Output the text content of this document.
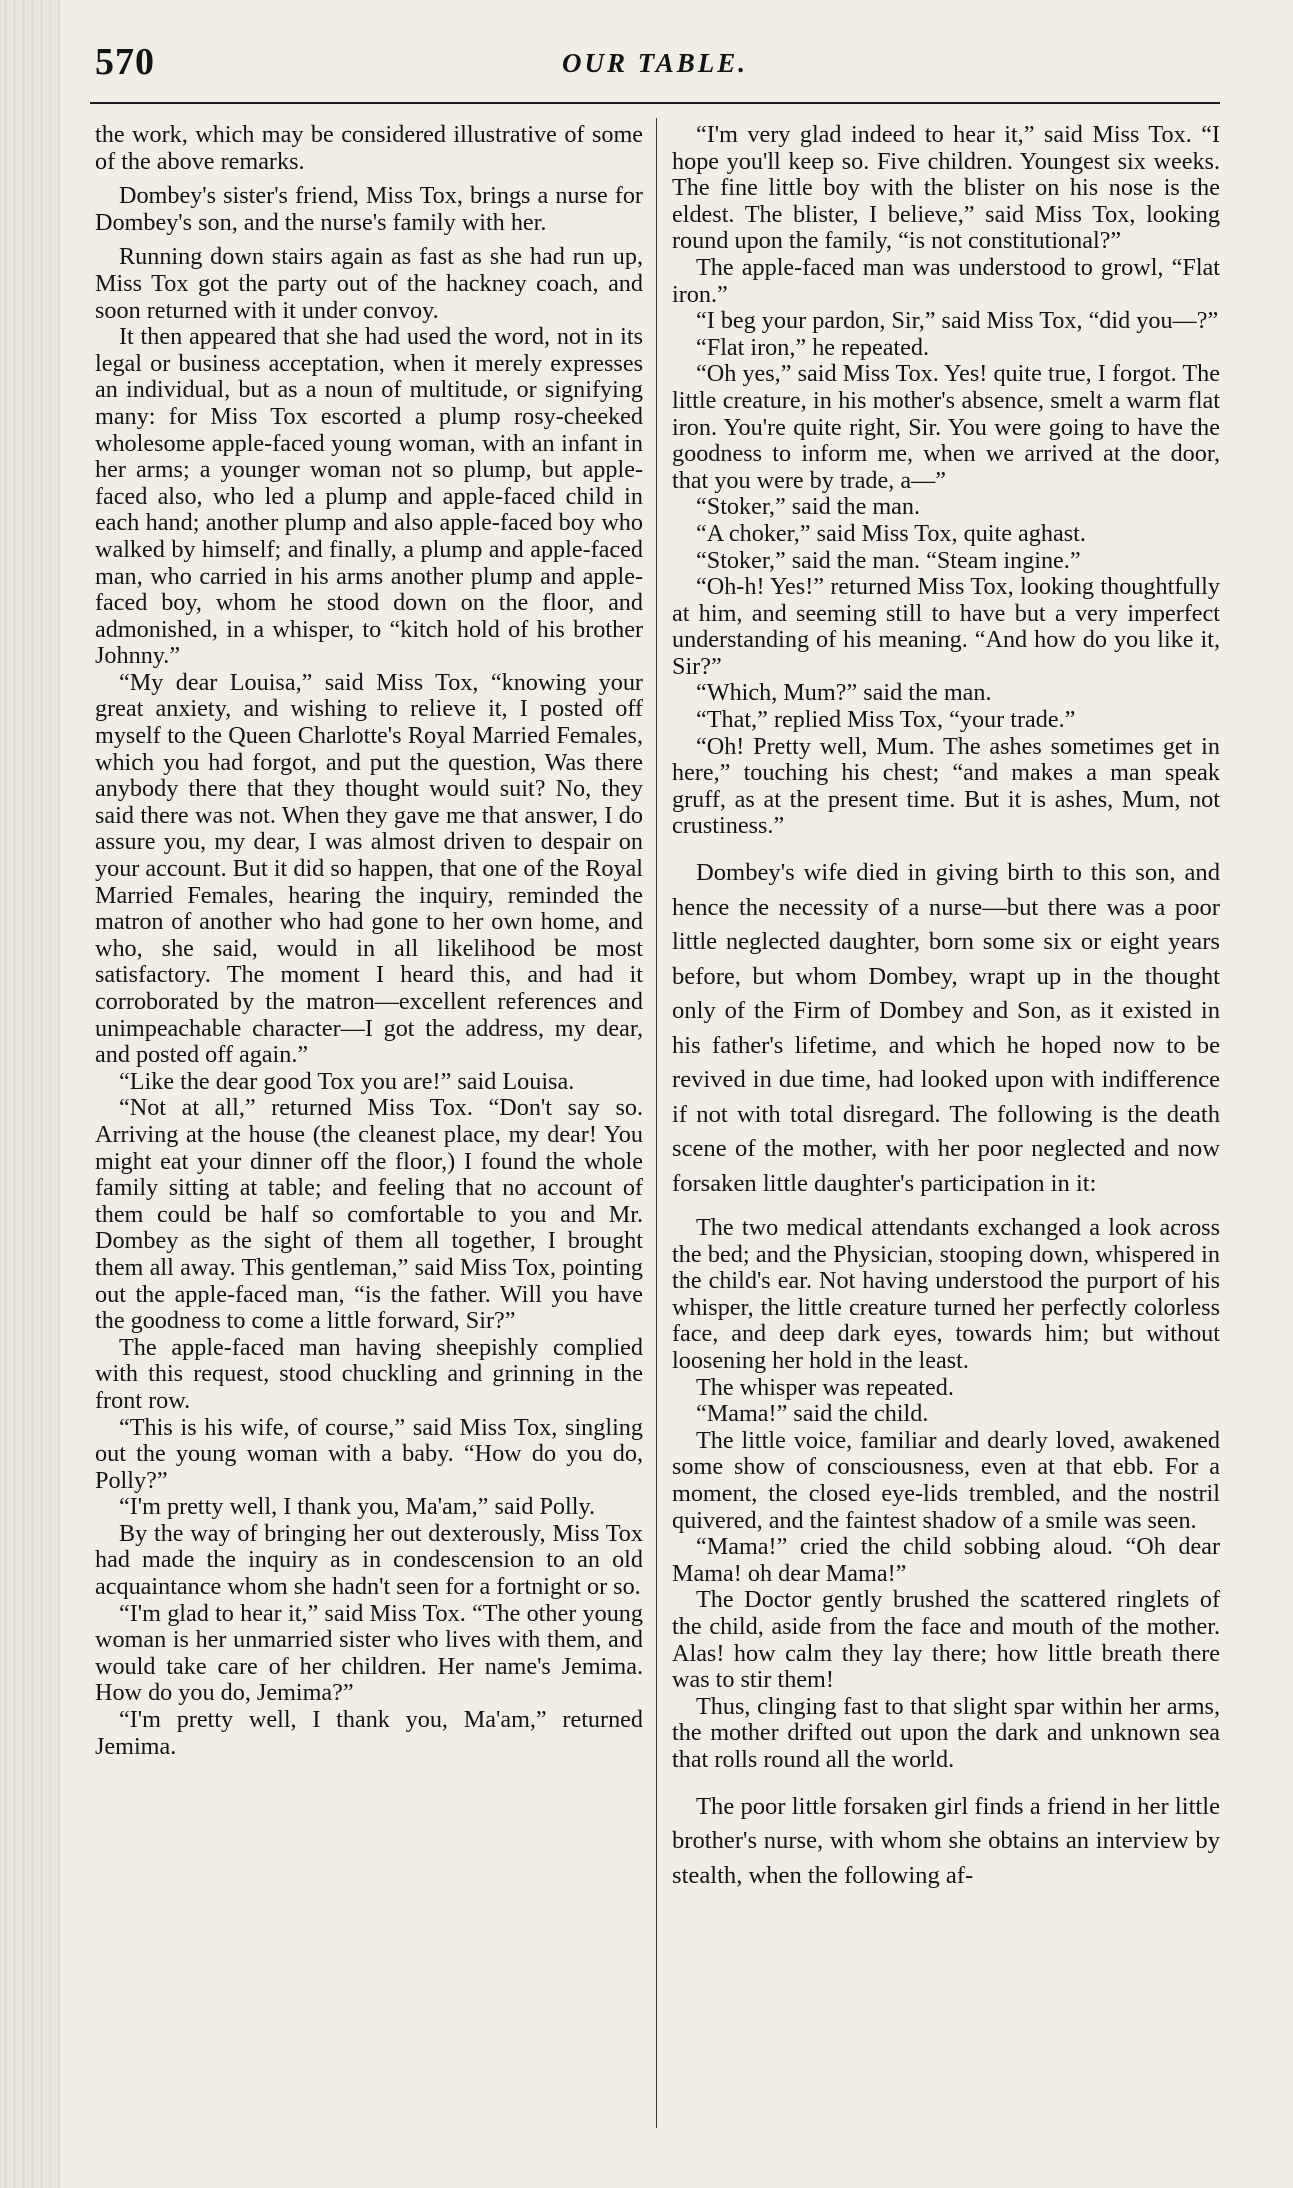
570	OUR TABLE.

the work, which may be considered illustrative of some of the above remarks.

Dombey's sister's friend, Miss Tox, brings a nurse for Dombey's son, and the nurse's family with her.

Running down stairs again as fast as she had run up, Miss Tox got the party out of the hackney coach, and soon returned with it under convoy.

It then appeared that she had used the word, not in its legal or business acceptation, when it merely expresses an individual, but as a noun of multitude, or signifying many: for Miss Tox escorted a plump rosy-cheeked wholesome apple-faced young woman, with an infant in her arms; a younger woman not so plump, but apple-faced also, who led a plump and apple-faced child in each hand; another plump and also apple-faced boy who walked by himself; and finally, a plump and apple-faced man, who carried in his arms another plump and apple-faced boy, whom he stood down on the floor, and admonished, in a whisper, to “kitch hold of his brother Johnny.”

“My dear Louisa,” said Miss Tox, “knowing your great anxiety, and wishing to relieve it, I posted off myself to the Queen Charlotte's Royal Married Females, which you had forgot, and put the question, Was there anybody there that they thought would suit? No, they said there was not. When they gave me that answer, I do assure you, my dear, I was almost driven to despair on your account. But it did so happen, that one of the Royal Married Females, hearing the inquiry, reminded the matron of another who had gone to her own home, and who, she said, would in all likelihood be most satisfactory. The moment I heard this, and had it corroborated by the matron—excellent references and unimpeachable character—I got the address, my dear, and posted off again.”

“Like the dear good Tox you are!” said Louisa.

“Not at all,” returned Miss Tox. “Don't say so. Arriving at the house (the cleanest place, my dear! You might eat your dinner off the floor,) I found the whole family sitting at table; and feeling that no account of them could be half so comfortable to you and Mr. Dombey as the sight of them all together, I brought them all away. This gentleman,” said Miss Tox, pointing out the apple-faced man, “is the father. Will you have the goodness to come a little forward, Sir?”

The apple-faced man having sheepishly complied with this request, stood chuckling and grinning in the front row.

“This is his wife, of course,” said Miss Tox, singling out the young woman with a baby. “How do you do, Polly?”

“I'm pretty well, I thank you, Ma'am,” said Polly.

By the way of bringing her out dexterously, Miss Tox had made the inquiry as in condescension to an old acquaintance whom she hadn't seen for a fortnight or so.

“I'm glad to hear it,” said Miss Tox. “The other young woman is her unmarried sister who lives with them, and would take care of her children. Her name's Jemima. How do you do, Jemima?”

“I'm pretty well, I thank you, Ma'am,” returned Jemima.

“I'm very glad indeed to hear it,” said Miss Tox. “I hope you'll keep so. Five children. Youngest six weeks. The fine little boy with the blister on his nose is the eldest. The blister, I believe,” said Miss Tox, looking round upon the family, “is not constitutional?”

The apple-faced man was understood to growl, “Flat iron.”

“I beg your pardon, Sir,” said Miss Tox, “did you—?”

“Flat iron,” he repeated.

“Oh yes,” said Miss Tox. Yes! quite true, I forgot. The little creature, in his mother's absence, smelt a warm flat iron. You're quite right, Sir. You were going to have the goodness to inform me, when we arrived at the door, that you were by trade, a—”

“Stoker,” said the man.

“A choker,” said Miss Tox, quite aghast.

“Stoker,” said the man. “Steam ingine.”

“Oh-h! Yes!” returned Miss Tox, looking thoughtfully at him, and seeming still to have but a very imperfect understanding of his meaning. “And how do you like it, Sir?”

“Which, Mum?” said the man.

“That,” replied Miss Tox, “your trade.”

“Oh! Pretty well, Mum. The ashes sometimes get in here,” touching his chest; “and makes a man speak gruff, as at the present time. But it is ashes, Mum, not crustiness.”

Dombey's wife died in giving birth to this son, and hence the necessity of a nurse—but there was a poor little neglected daughter, born some six or eight years before, but whom Dombey, wrapt up in the thought only of the Firm of Dombey and Son, as it existed in his father's lifetime, and which he hoped now to be revived in due time, had looked upon with indifference if not with total disregard. The following is the death scene of the mother, with her poor neglected and now forsaken little daughter's participation in it:

The two medical attendants exchanged a look across the bed; and the Physician, stooping down, whispered in the child's ear. Not having understood the purport of his whisper, the little creature turned her perfectly colorless face, and deep dark eyes, towards him; but without loosening her hold in the least.

The whisper was repeated.

“Mama!” said the child.

The little voice, familiar and dearly loved, awakened some show of consciousness, even at that ebb. For a moment, the closed eye-lids trembled, and the nostril quivered, and the faintest shadow of a smile was seen.

“Mama!” cried the child sobbing aloud. “Oh dear Mama! oh dear Mama!”

The Doctor gently brushed the scattered ringlets of the child, aside from the face and mouth of the mother. Alas! how calm they lay there; how little breath there was to stir them!

Thus, clinging fast to that slight spar within her arms, the mother drifted out upon the dark and unknown sea that rolls round all the world.

The poor little forsaken girl finds a friend in her little brother's nurse, with whom she obtains an interview by stealth, when the following af-
